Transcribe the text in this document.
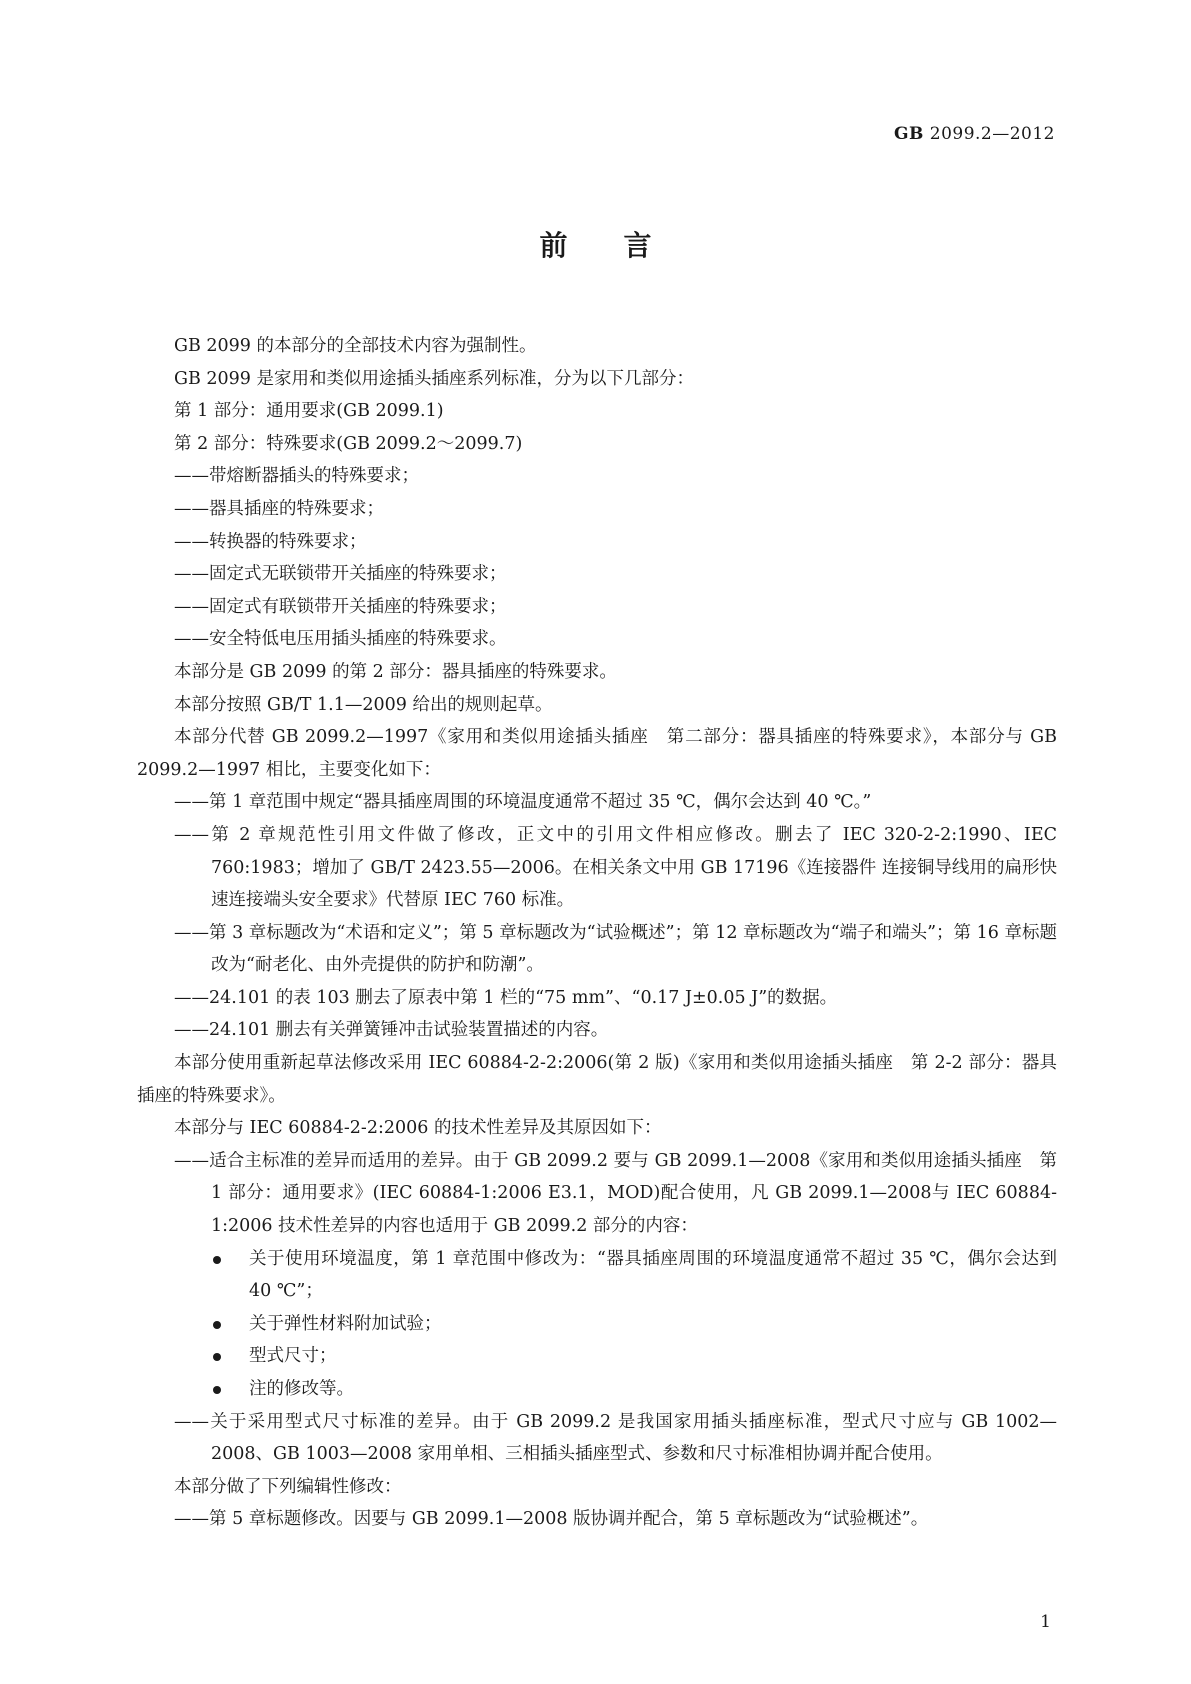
GB 2099.2—2012
前言

GB 2099 的本部分的全部技术内容为强制性。

GB 2099 是家用和类似用途插头插座系列标准，分为以下几部分：

第 1 部分：通用要求(GB 2099.1)

第 2 部分：特殊要求(GB 2099.2～2099.7)

——带熔断器插头的特殊要求；

——器具插座的特殊要求；

——转换器的特殊要求；

——固定式无联锁带开关插座的特殊要求；

——固定式有联锁带开关插座的特殊要求；

——安全特低电压用插头插座的特殊要求。

本部分是 GB 2099 的第 2 部分：器具插座的特殊要求。

本部分按照 GB/T 1.1—2009 给出的规则起草。

本部分代替 GB 2099.2—1997《家用和类似用途插头插座　第二部分：器具插座的特殊要求》，本部分与 GB 2099.2—1997 相比，主要变化如下：

——第 1 章范围中规定“器具插座周围的环境温度通常不超过 35 ℃，偶尔会达到 40 ℃。”

——第 2 章规范性引用文件做了修改，正文中的引用文件相应修改。删去了 IEC 320-2-2:1990、IEC 760:1983；增加了 GB/T 2423.55—2006。在相关条文中用 GB 17196《连接器件 连接铜导线用的扁形快速连接端头安全要求》代替原 IEC 760 标准。

——第 3 章标题改为“术语和定义”；第 5 章标题改为“试验概述”；第 12 章标题改为“端子和端头”；第 16 章标题改为“耐老化、由外壳提供的防护和防潮”。

——24.101 的表 103 删去了原表中第 1 栏的“75 mm”、“0.17 J±0.05 J”的数据。

——24.101 删去有关弹簧锤冲击试验装置描述的内容。

本部分使用重新起草法修改采用 IEC 60884-2-2:2006(第 2 版)《家用和类似用途插头插座　第 2-2 部分：器具插座的特殊要求》。

本部分与 IEC 60884-2-2:2006 的技术性差异及其原因如下：

——适合主标准的差异而适用的差异。由于 GB 2099.2 要与 GB 2099.1—2008《家用和类似用途插头插座　第 1 部分：通用要求》(IEC 60884-1:2006 E3.1，MOD)配合使用，凡 GB 2099.1—2008与 IEC 60884-1:2006 技术性差异的内容也适用于 GB 2099.2 部分的内容：

关于使用环境温度，第 1 章范围中修改为：“器具插座周围的环境温度通常不超过 35 ℃，偶尔会达到 40 ℃”；

关于弹性材料附加试验；

型式尺寸；

注的修改等。

——关于采用型式尺寸标准的差异。由于 GB 2099.2 是我国家用插头插座标准，型式尺寸应与 GB 1002—2008、GB 1003—2008 家用单相、三相插头插座型式、参数和尺寸标准相协调并配合使用。

本部分做了下列编辑性修改：

——第 5 章标题修改。因要与 GB 2099.1—2008 版协调并配合，第 5 章标题改为“试验概述”。

1
